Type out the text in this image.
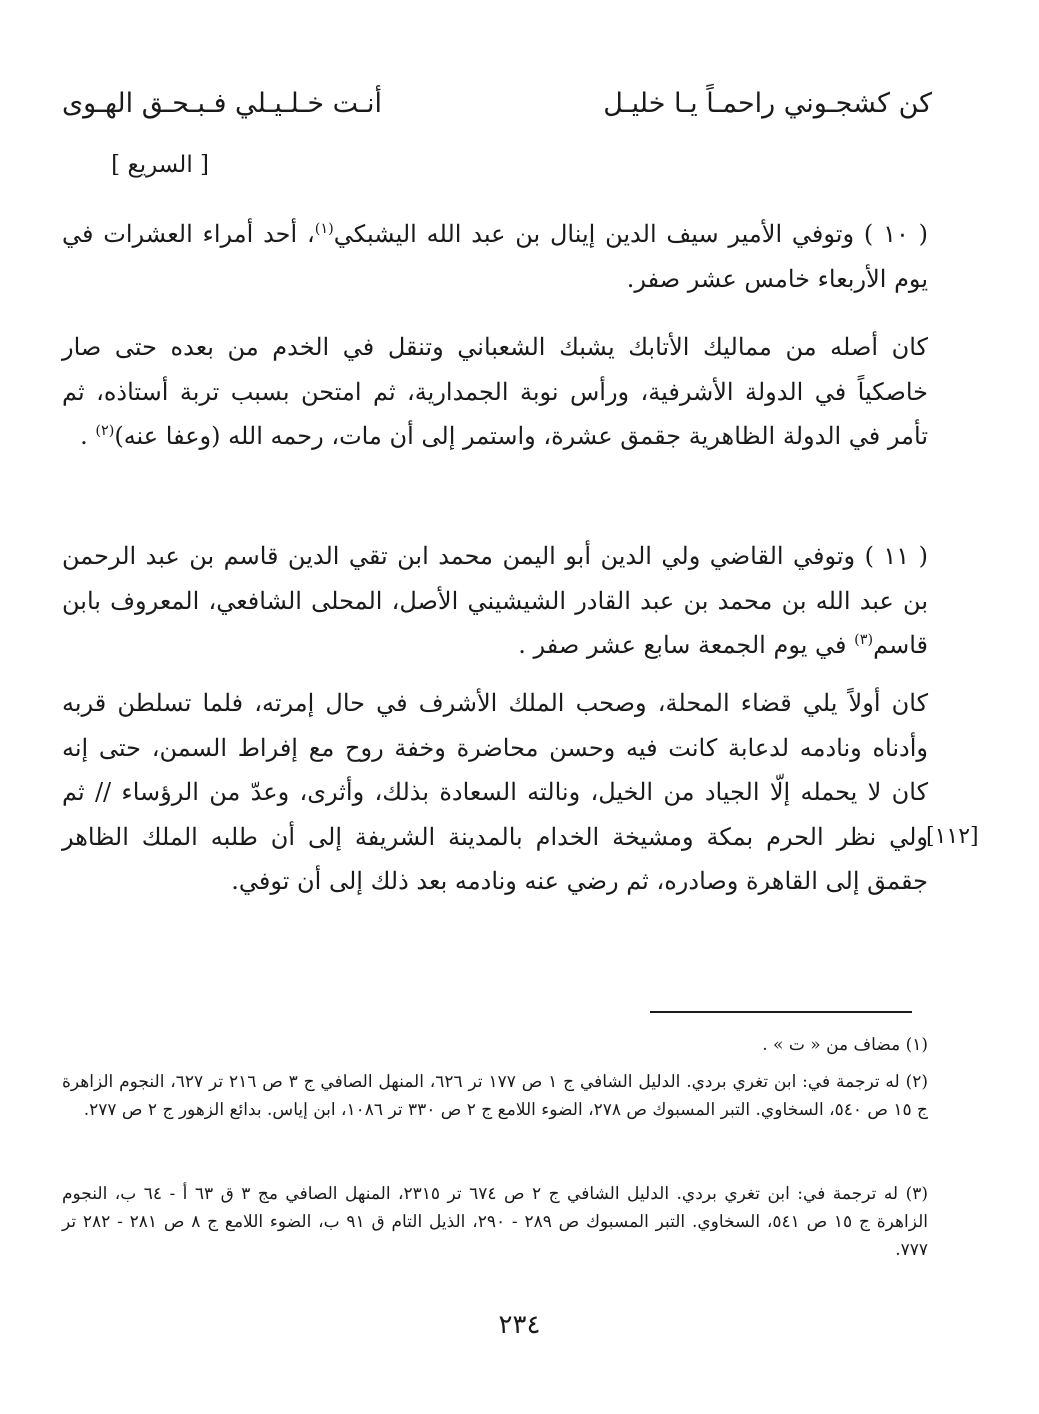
أنـت خـلـيـلي فـبـحـق الهـوى	كن كشجـوني راحمـاً يـا خليـل
[ السريع ]
( ١٠ ) وتوفي الأمير سيف الدين إينال بن عبد الله اليشبكي$^{(١)}$، أحد أمراء العشرات في يوم الأربعاء خامس عشر صفر.
كان أصله من مماليك الأتابك يشبك الشعباني وتنقل في الخدم من بعده حتى صار خاصكياً في الدولة الأشرفية، ورأس نوبة الجمدارية، ثم امتحن بسبب تربة أستاذه، ثم تأمر في الدولة الظاهرية جقمق عشرة، واستمر إلى أن مات، رحمه الله (وعفا عنه)$^{(٢)}$ .
( ١١ ) وتوفي القاضي ولي الدين أبو اليمن محمد ابن تقي الدين قاسم بن عبد الرحمن بن عبد الله بن محمد بن عبد القادر الشيشيني الأصل، المحلى الشافعي، المعروف بابن قاسم$^{(٣)}$ في يوم الجمعة سابع عشر صفر .
كان أولاً يلي قضاء المحلة، وصحب الملك الأشرف في حال إمرته، فلما تسلطن قربه وأدناه ونادمه لدعابة كانت فيه وحسن محاضرة وخفة روح مع إفراط السمن، حتى إنه كان لا يحمله إلّا الجياد من الخيل، ونالته السعادة بذلك، وأثرى، وعدّ من الرؤساء // ثم ولي نظر الحرم بمكة ومشيخة الخدام بالمدينة الشريفة إلى أن طلبه الملك الظاهر جقمق إلى القاهرة وصادره، ثم رضي عنه ونادمه بعد ذلك إلى أن توفي.
[١١٢]
(١) مضاف من « ت » .
(٢) له ترجمة في: ابن تغري بردي. الدليل الشافي ج ١ ص ١٧٧ تر ٦٢٦، المنهل الصافي ج ٣ ص ٢١٦ تر ٦٢٧، النجوم الزاهرة ج ١٥ ص ٥٤٠، السخاوي. التبر المسبوك ص ٢٧٨، الضوء اللامع ج ٢ ص ٣٣٠ تر ١٠٨٦، ابن إياس. بدائع الزهور ج ٢ ص ٢٧٧.
(٣) له ترجمة في: ابن تغري بردي. الدليل الشافي ج ٢ ص ٦٧٤ تر ٢٣١٥، المنهل الصافي مج ٣ ق ٦٣ أ - ٦٤ ب، النجوم الزاهرة ج ١٥ ص ٥٤١، السخاوي. التبر المسبوك ص ٢٨٩ - ٢٩٠، الذيل التام ق ٩١ ب، الضوء اللامع ج ٨ ص ٢٨١ - ٢٨٢ تر ٧٧٧.
٢٣٤
